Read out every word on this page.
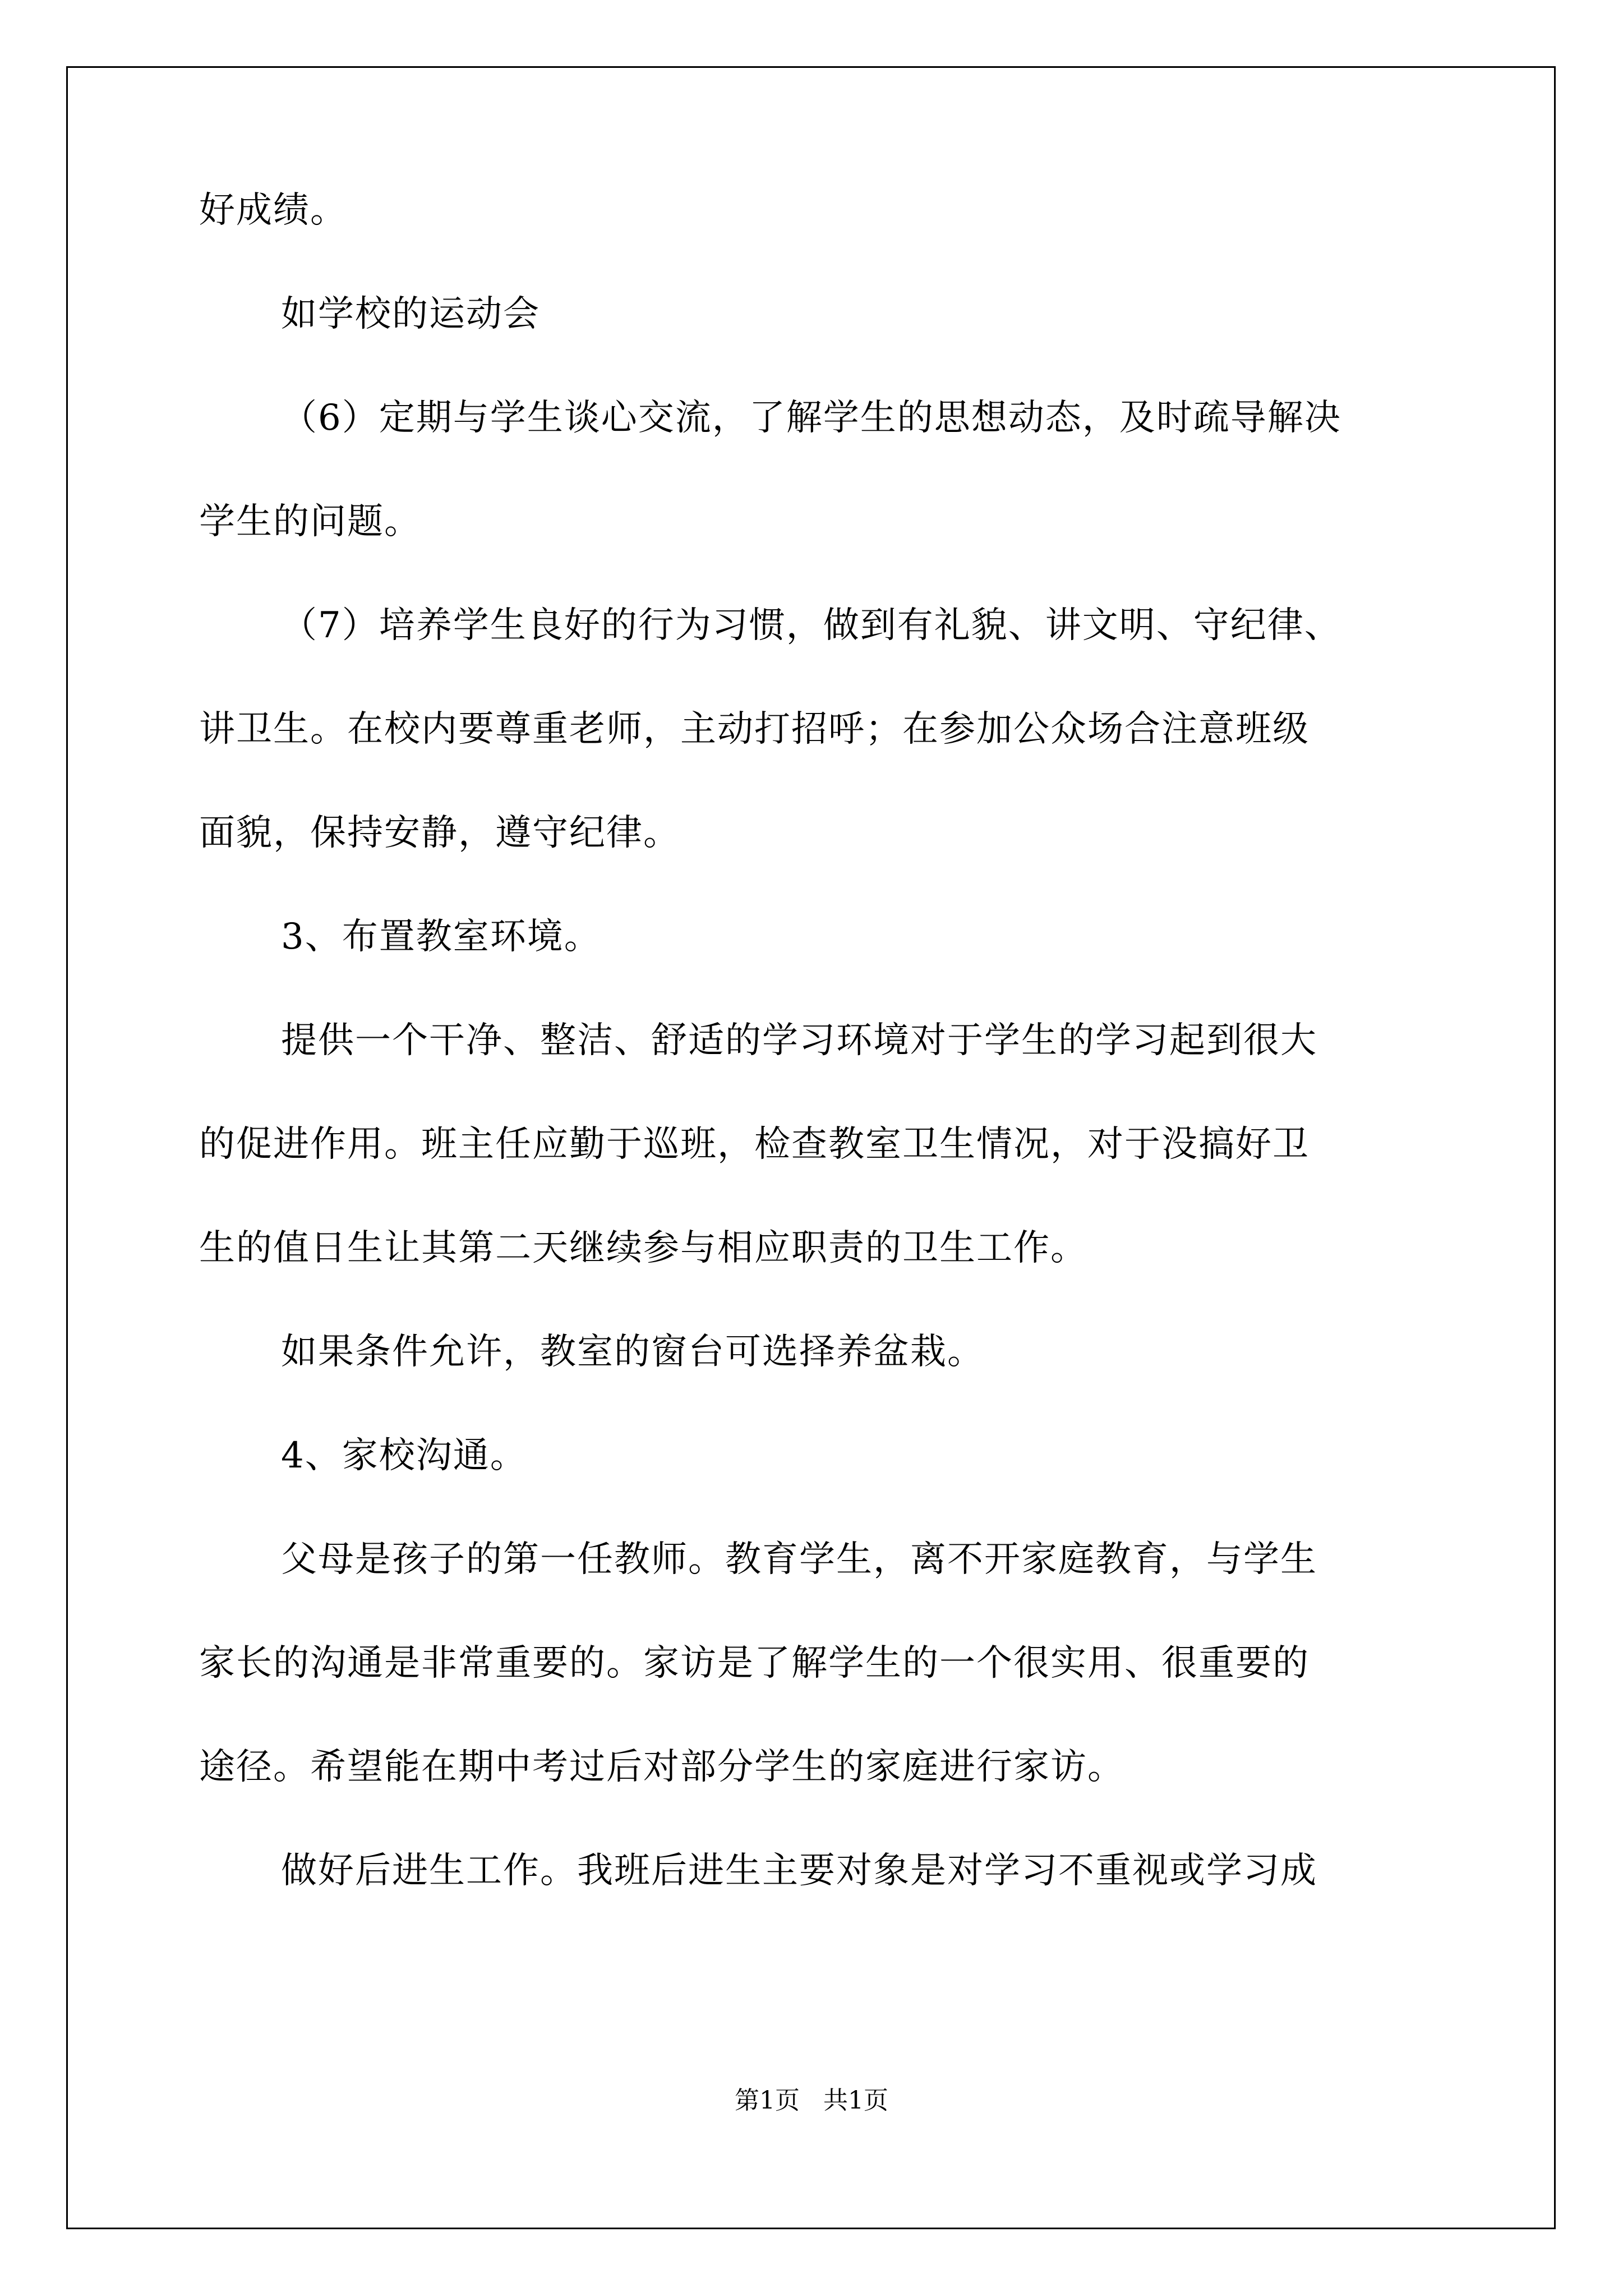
好成绩。
如学校的运动会
（6）定期与学生谈心交流，了解学生的思想动态，及时疏导解决
学生的问题。
（7）培养学生良好的行为习惯，做到有礼貌、讲文明、守纪律、
讲卫生。在校内要尊重老师，主动打招呼；在参加公众场合注意班级
面貌，保持安静，遵守纪律。
3、布置教室环境。
提供一个干净、整洁、舒适的学习环境对于学生的学习起到很大
的促进作用。班主任应勤于巡班，检查教室卫生情况，对于没搞好卫
生的值日生让其第二天继续参与相应职责的卫生工作。
如果条件允许，教室的窗台可选择养盆栽。
4、家校沟通。
父母是孩子的第一任教师。教育学生，离不开家庭教育，与学生
家长的沟通是非常重要的。家访是了解学生的一个很实用、很重要的
途径。希望能在期中考过后对部分学生的家庭进行家访。
做好后进生工作。我班后进生主要对象是对学习不重视或学习成
第1页   共1页
